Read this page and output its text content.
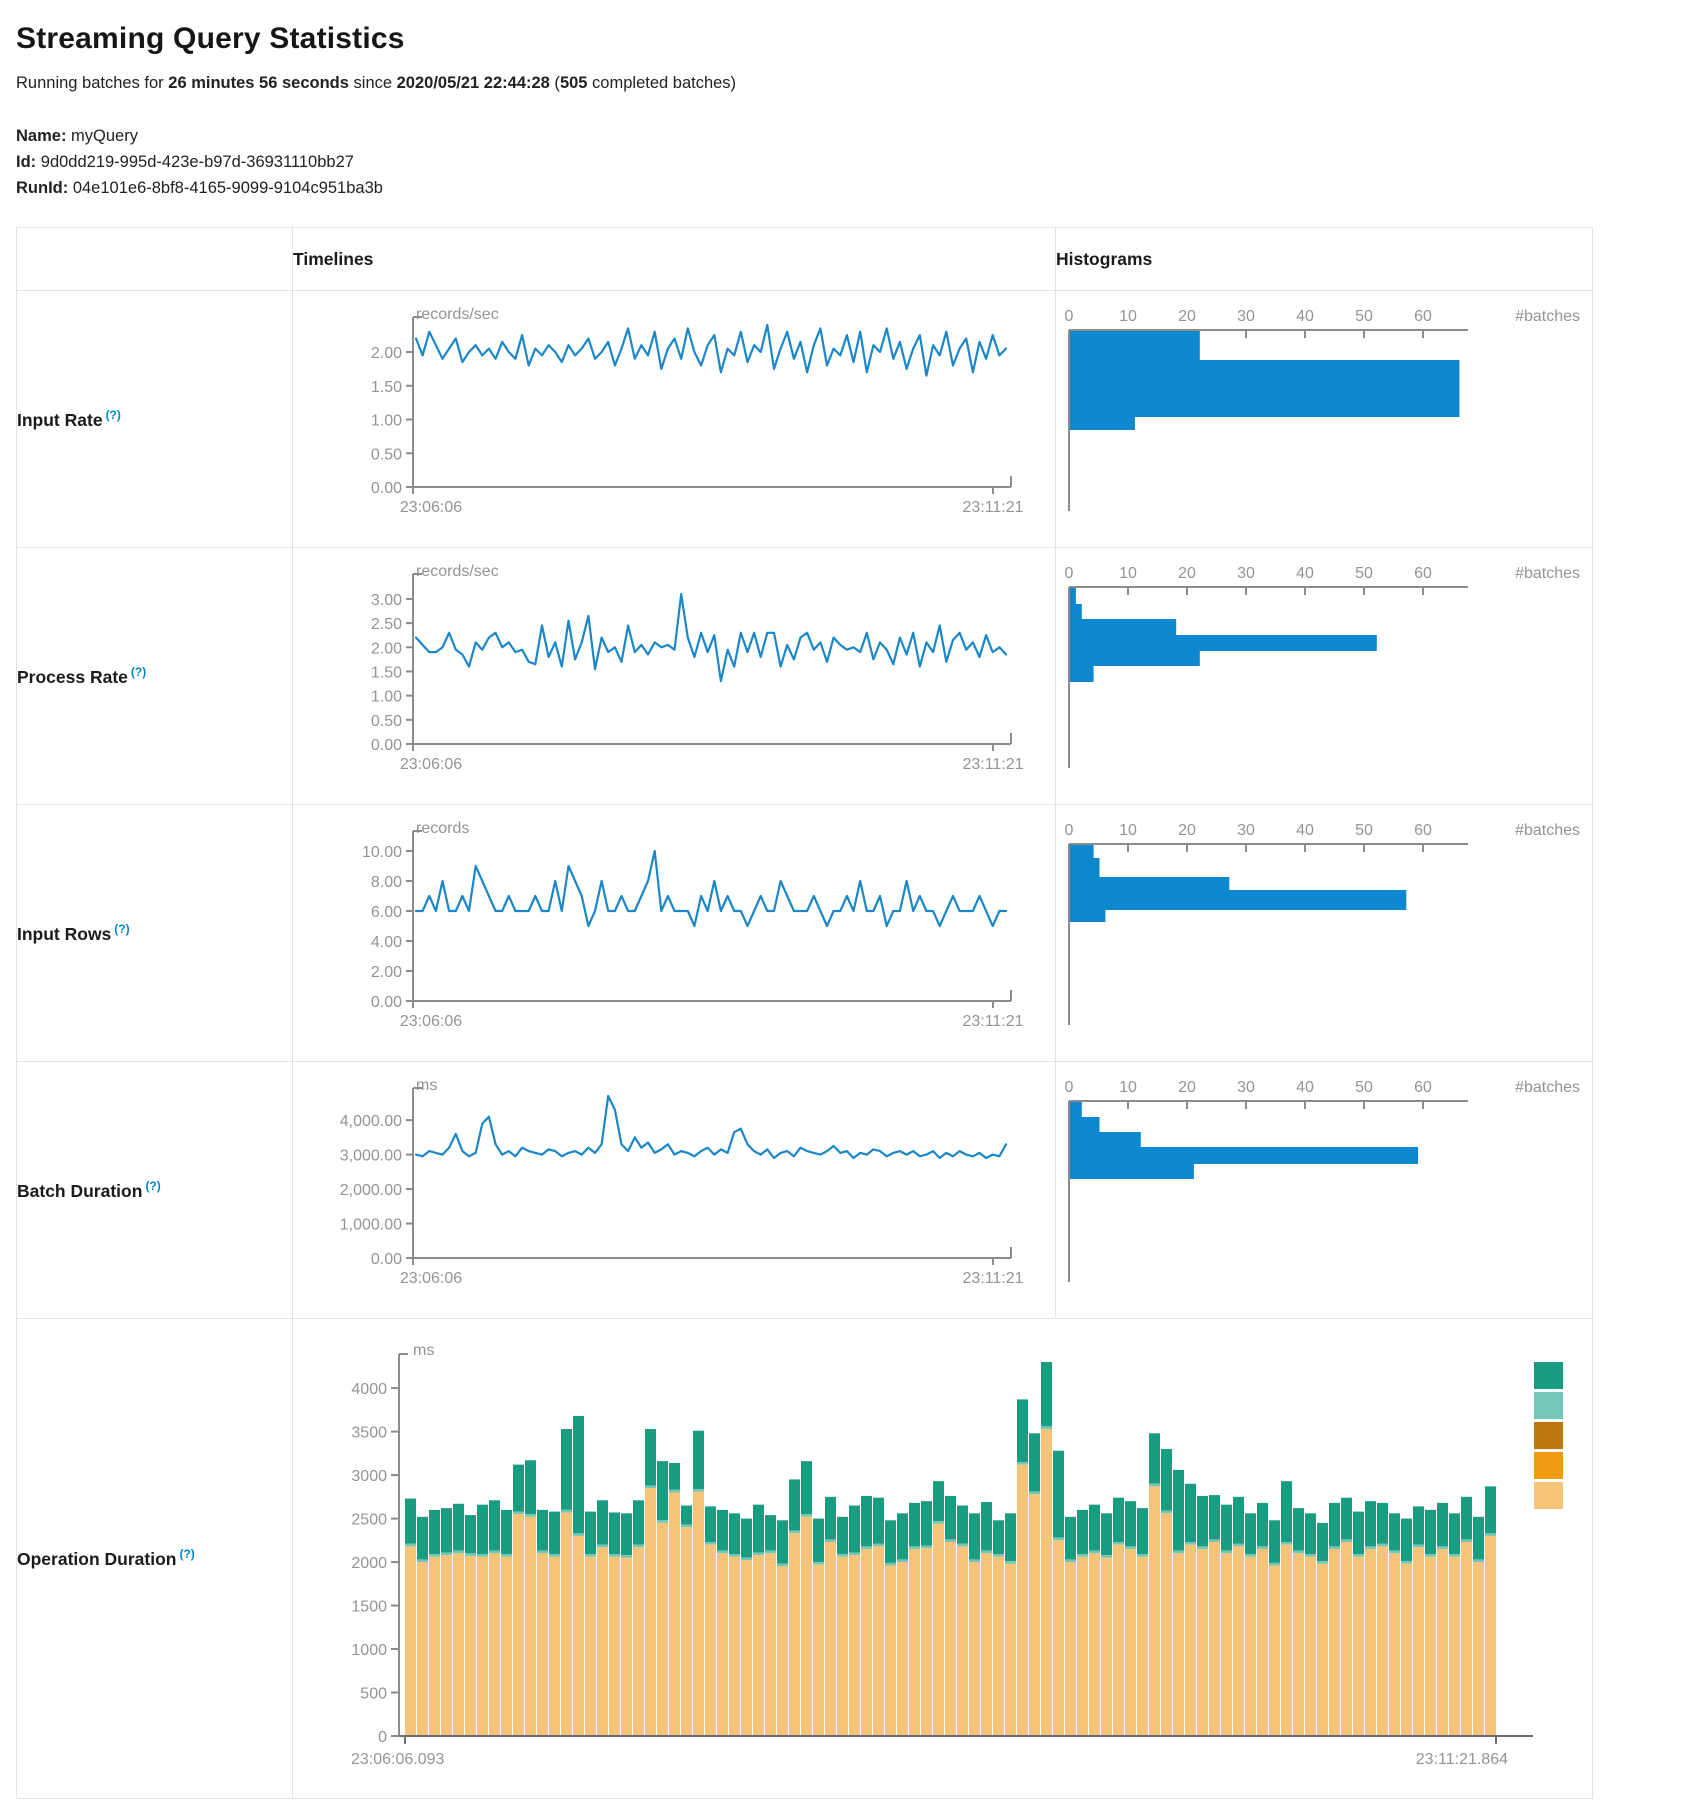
Streaming Query Statistics

Running batches for 26 minutes 56 seconds since 2020/05/21 22:44:28 (505 completed batches)

Name: myQuery
Id: 9d0dd219-995d-423e-b97d-36931110bb27
RunId: 04e101e6-8bf8-4165-9099-9104c951ba3b
	Timelines	Histograms
Input Rate (?)	
records/sec
0.00
0.50
1.00
1.50
2.00
23:06:06	23:11:21

0	10	20	30	40	50	60	#batches

Process Rate (?)	
records/sec
0.00
0.50
1.00
1.50
2.00
2.50
3.00
23:06:06	23:11:21

0	10	20	30	40	50	60	#batches

Input Rows (?)	
records
0.00
2.00
4.00
6.00
8.00
10.00
23:06:06	23:11:21

0	10	20	30	40	50	60	#batches

Batch Duration (?)	
ms
0.00
1,000.00
2,000.00
3,000.00
4,000.00
23:06:06	23:11:21

0	10	20	30	40	50	60	#batches

Operation Duration (?)	
ms
0
500
1000
1500
2000
2500
3000
3500
4000
23:06:06.093	23:11:21.864
